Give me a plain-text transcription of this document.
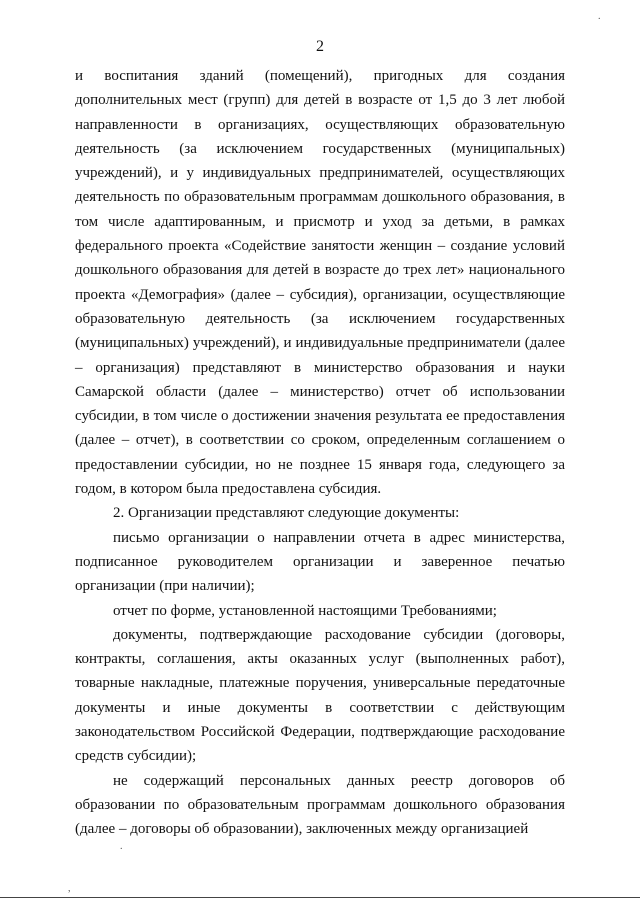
2

и воспитания зданий (помещений), пригодных для создания дополнительных мест (групп) для детей в возрасте от 1,5 до 3 лет любой направленности в организациях, осуществляющих образовательную деятельность (за исключением государственных (муниципальных) учреждений), и у индивидуальных предпринимателей, осуществляющих деятельность по образовательным программам дошкольного образования, в том числе адаптированным, и присмотр и уход за детьми, в рамках федерального проекта «Содействие занятости женщин – создание условий дошкольного образования для детей в возрасте до трех лет» национального проекта «Демография» (далее – субсидия), организации, осуществляющие образовательную деятельность (за исключением государственных (муниципальных) учреждений), и индивидуальные предприниматели (далее – организация) представляют в министерство образования и науки Самарской области (далее – министерство) отчет об использовании субсидии, в том числе о достижении значения результата ее предоставления (далее – отчет), в соответствии со сроком, определенным соглашением о предоставлении субсидии, но не позднее 15 января года, следующего за годом, в котором была предоставлена субсидия.

2. Организации представляют следующие документы:

письмо организации о направлении отчета в адрес министерства, подписанное руководителем организации и заверенное печатью организации (при наличии);

отчет по форме, установленной настоящими Требованиями;

документы, подтверждающие расходование субсидии (договоры, контракты, соглашения, акты оказанных услуг (выполненных работ), товарные накладные, платежные поручения, универсальные передаточные документы и иные документы в соответствии с действующим законодательством Российской Федерации, подтверждающие расходование средств субсидии);

не содержащий персональных данных реестр договоров об образовании по образовательным программам дошкольного образования (далее – договоры об образовании), заключенных между организацией

.
.
,
